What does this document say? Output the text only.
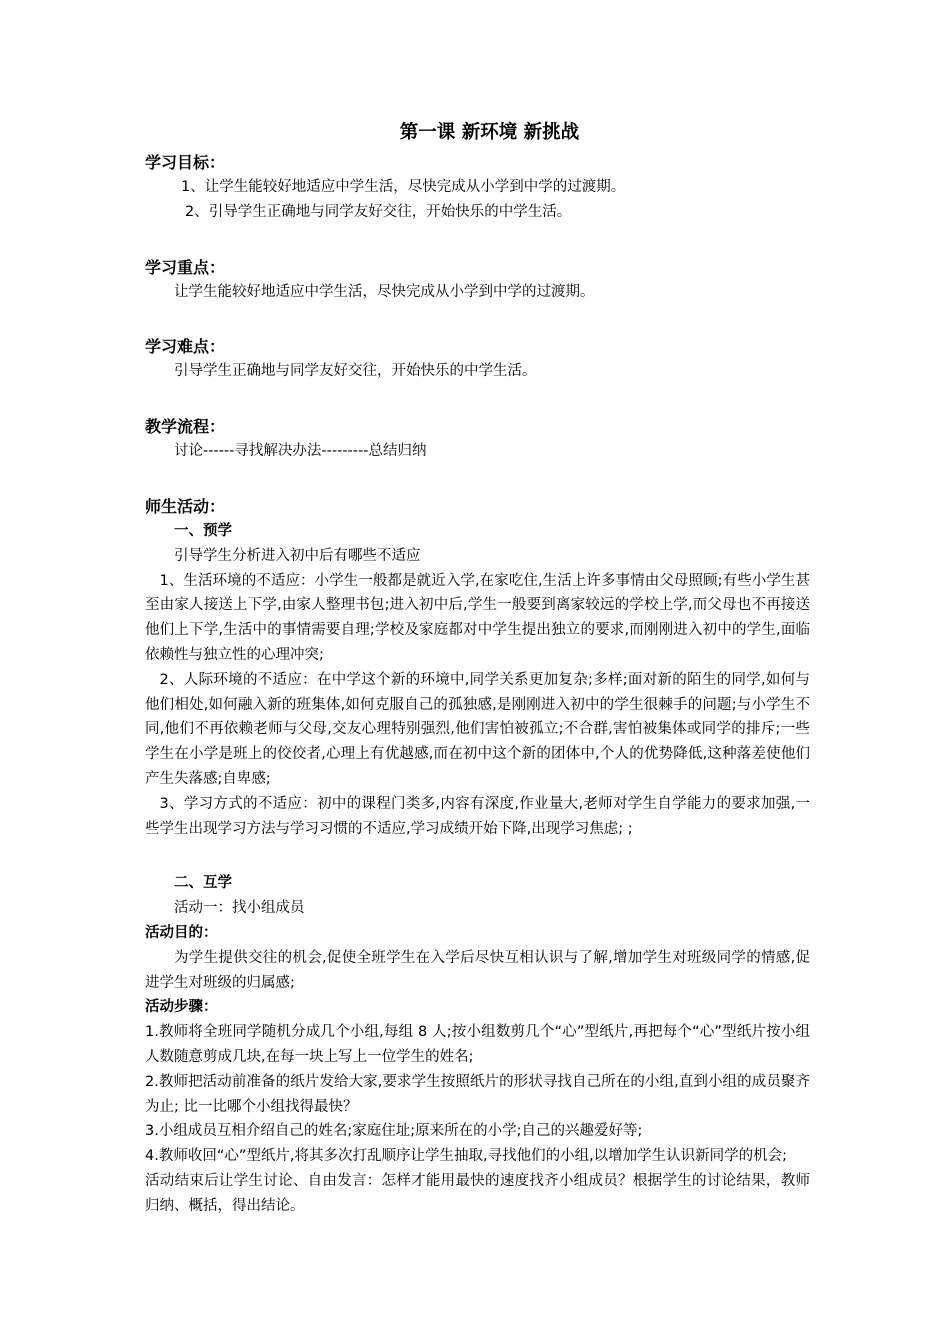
第一课 新环境 新挑战
学习目标：

1、让学生能较好地适应中学生活，尽快完成从小学到中学的过渡期。

2、引导学生正确地与同学友好交往，开始快乐的中学生活。

学习重点：

让学生能较好地适应中学生活，尽快完成从小学到中学的过渡期。

学习难点：

引导学生正确地与同学友好交往，开始快乐的中学生活。

教学流程：

讨论------寻找解决办法---------总结归纳

师生活动：
一、预学

引导学生分析进入初中后有哪些不适应

1、生活环境的不适应：小学生一般都是就近入学,在家吃住,生活上许多事情由父母照顾;有些小学生甚至由家人接送上下学,由家人整理书包;进入初中后,学生一般要到离家较远的学校上学,而父母也不再接送他们上下学,生活中的事情需要自理;学校及家庭都对中学生提出独立的要求,而刚刚进入初中的学生,面临依赖性与独立性的心理冲突;

2、人际环境的不适应：在中学这个新的环境中,同学关系更加复杂;多样;面对新的陌生的同学,如何与他们相处,如何融入新的班集体,如何克服自己的孤独感,是刚刚进入初中的学生很棘手的问题;与小学生不同,他们不再依赖老师与父母,交友心理特别强烈,他们害怕被孤立;不合群,害怕被集体或同学的排斥;一些学生在小学是班上的佼佼者,心理上有优越感,而在初中这个新的团体中,个人的优势降低,这种落差使他们产生失落感;自卑感;

3、学习方式的不适应：初中的课程门类多,内容有深度,作业量大,老师对学生自学能力的要求加强,一些学生出现学习方法与学习习惯的不适应,学习成绩开始下降,出现学习焦虑; ;

二、互学

活动一：找小组成员

活动目的：

为学生提供交往的机会,促使全班学生在入学后尽快互相认识与了解,增加学生对班级同学的情感,促进学生对班级的归属感;

活动步骤：

1.教师将全班同学随机分成几个小组,每组 8 人;按小组数剪几个“心”型纸片,再把每个“心”型纸片按小组人数随意剪成几块,在每一块上写上一位学生的姓名;

2.教师把活动前准备的纸片发给大家,要求学生按照纸片的形状寻找自己所在的小组,直到小组的成员聚齐为止; 比一比哪个小组找得最快？

3.小组成员互相介绍自己的姓名;家庭住址;原来所在的小学;自己的兴趣爱好等;

4.教师收回“心”型纸片,将其多次打乱顺序让学生抽取,寻找他们的小组,以增加学生认识新同学的机会;

活动结束后让学生讨论、自由发言：怎样才能用最快的速度找齐小组成员？根据学生的讨论结果，教师归纳、概括，得出结论。
